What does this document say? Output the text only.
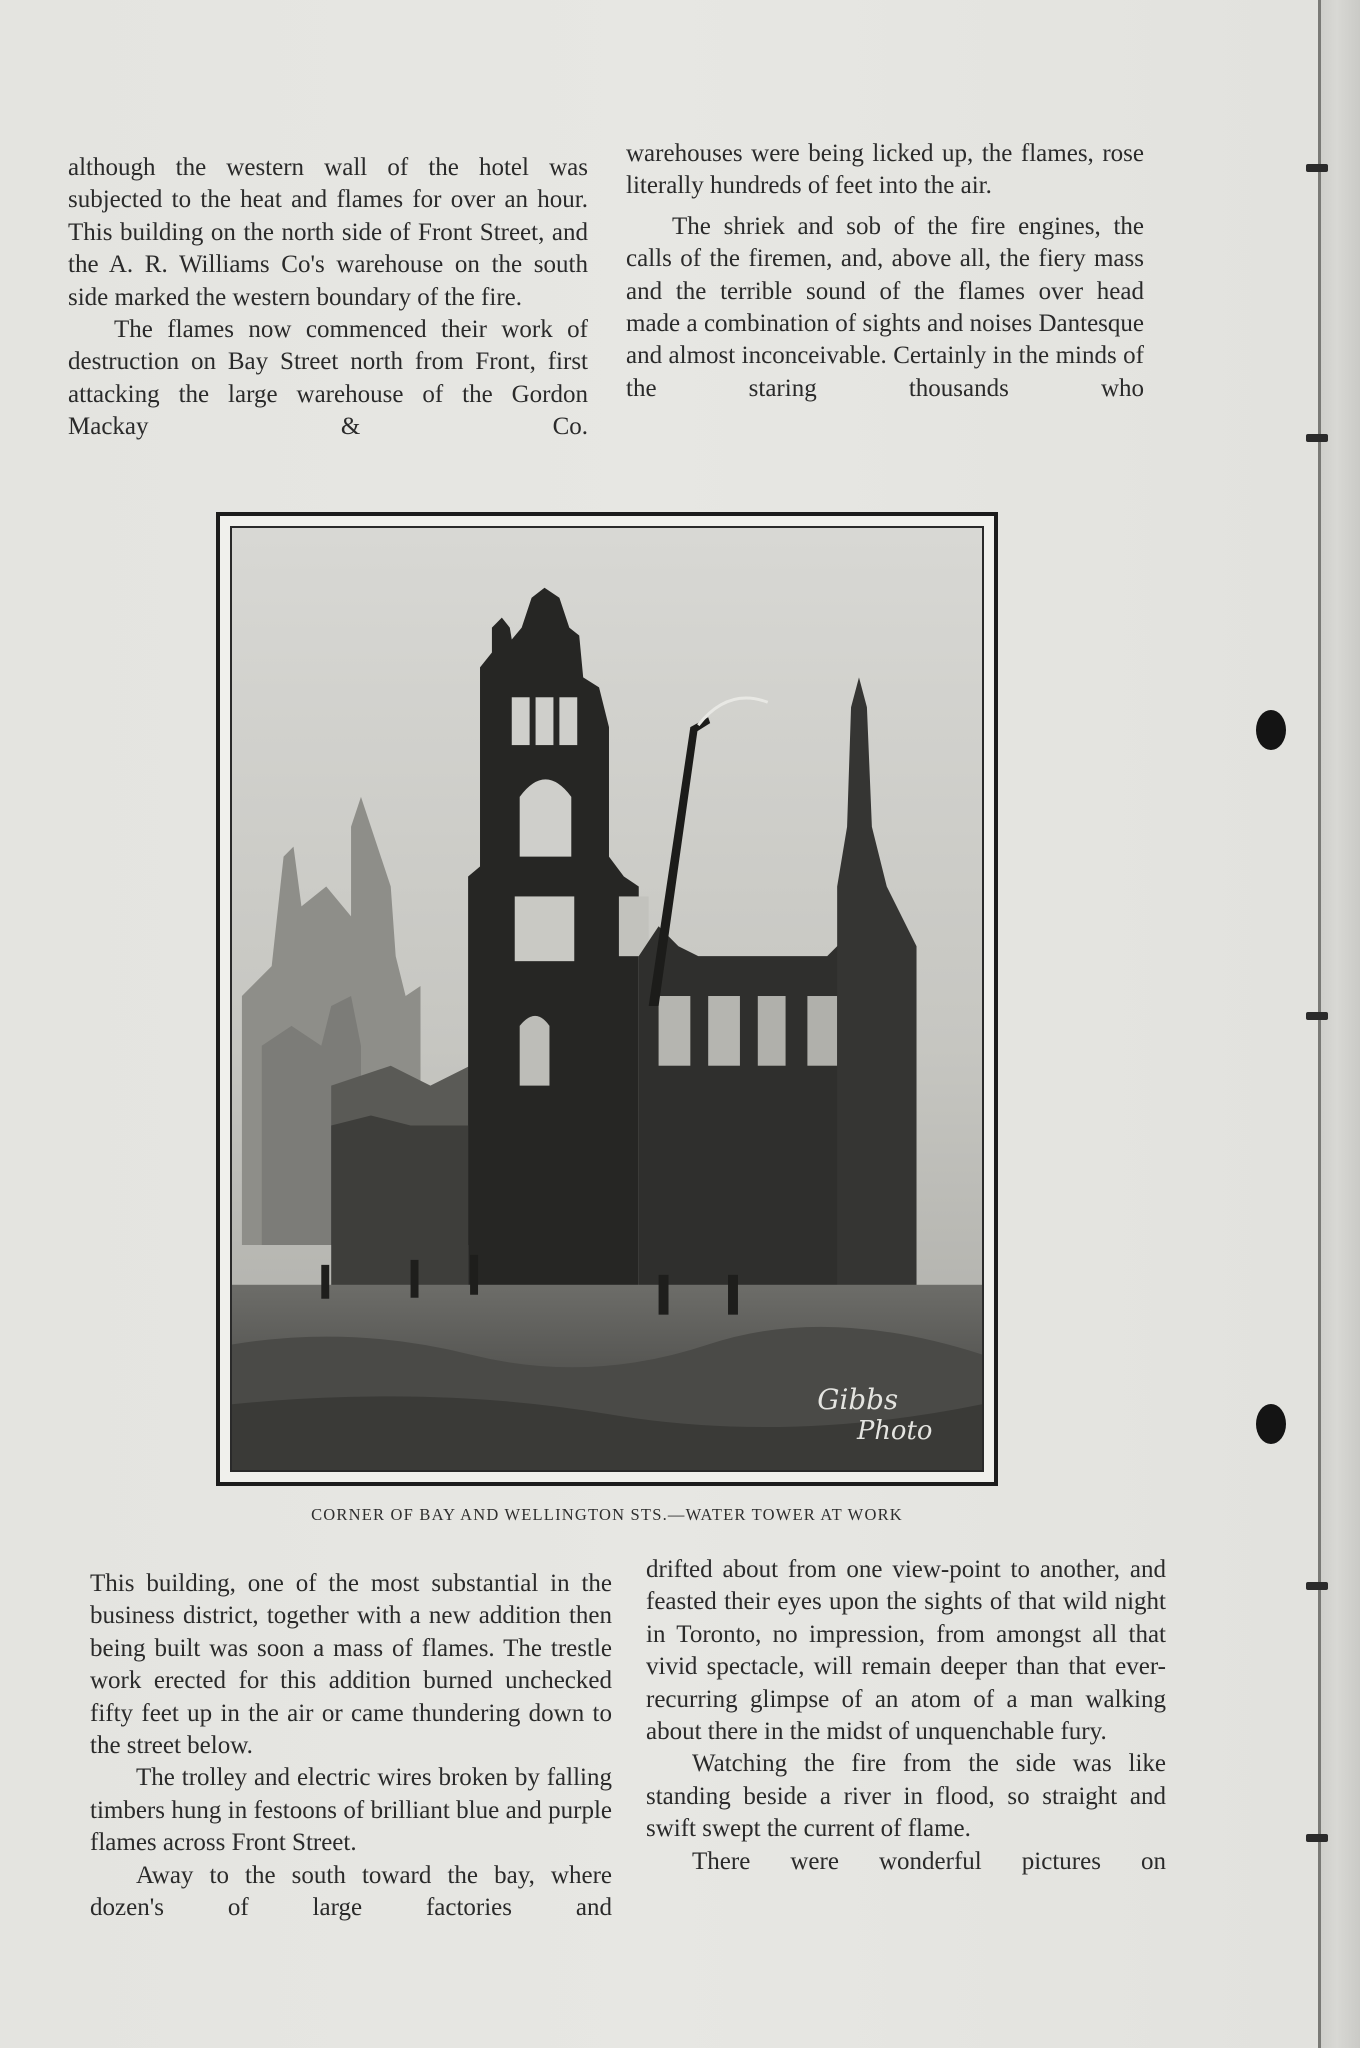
although the western wall of the hotel was subjected to the heat and flames for over an hour. This building on the north side of Front Street, and the A. R. Williams Co's warehouse on the south side marked the western boundary of the fire.

The flames now commenced their work of destruction on Bay Street north from Front, first attacking the large warehouse of the Gordon Mackay & Co.

warehouses were being licked up, the flames, rose literally hundreds of feet into the air.

The shriek and sob of the fire engines, the calls of the firemen, and, above all, the fiery mass and the terrible sound of the flames over head made a combination of sights and noises Dantesque and almost inconceivable. Certainly in the minds of the staring thousands who

Gibbs
Photo
CORNER OF BAY AND WELLINGTON STS.—WATER TOWER AT WORK

This building, one of the most substantial in the business district, together with a new addition then being built was soon a mass of flames. The trestle work erected for this addition burned unchecked fifty feet up in the air or came thundering down to the street below.

The trolley and electric wires broken by falling timbers hung in festoons of brilliant blue and purple flames across Front Street.

Away to the south toward the bay, where dozen's of large factories and

drifted about from one view-point to another, and feasted their eyes upon the sights of that wild night in Toronto, no impression, from amongst all that vivid spectacle, will remain deeper than that ever-recurring glimpse of an atom of a man walking about there in the midst of unquenchable fury.

Watching the fire from the side was like standing beside a river in flood, so straight and swift swept the current of flame.

There were wonderful pictures on
